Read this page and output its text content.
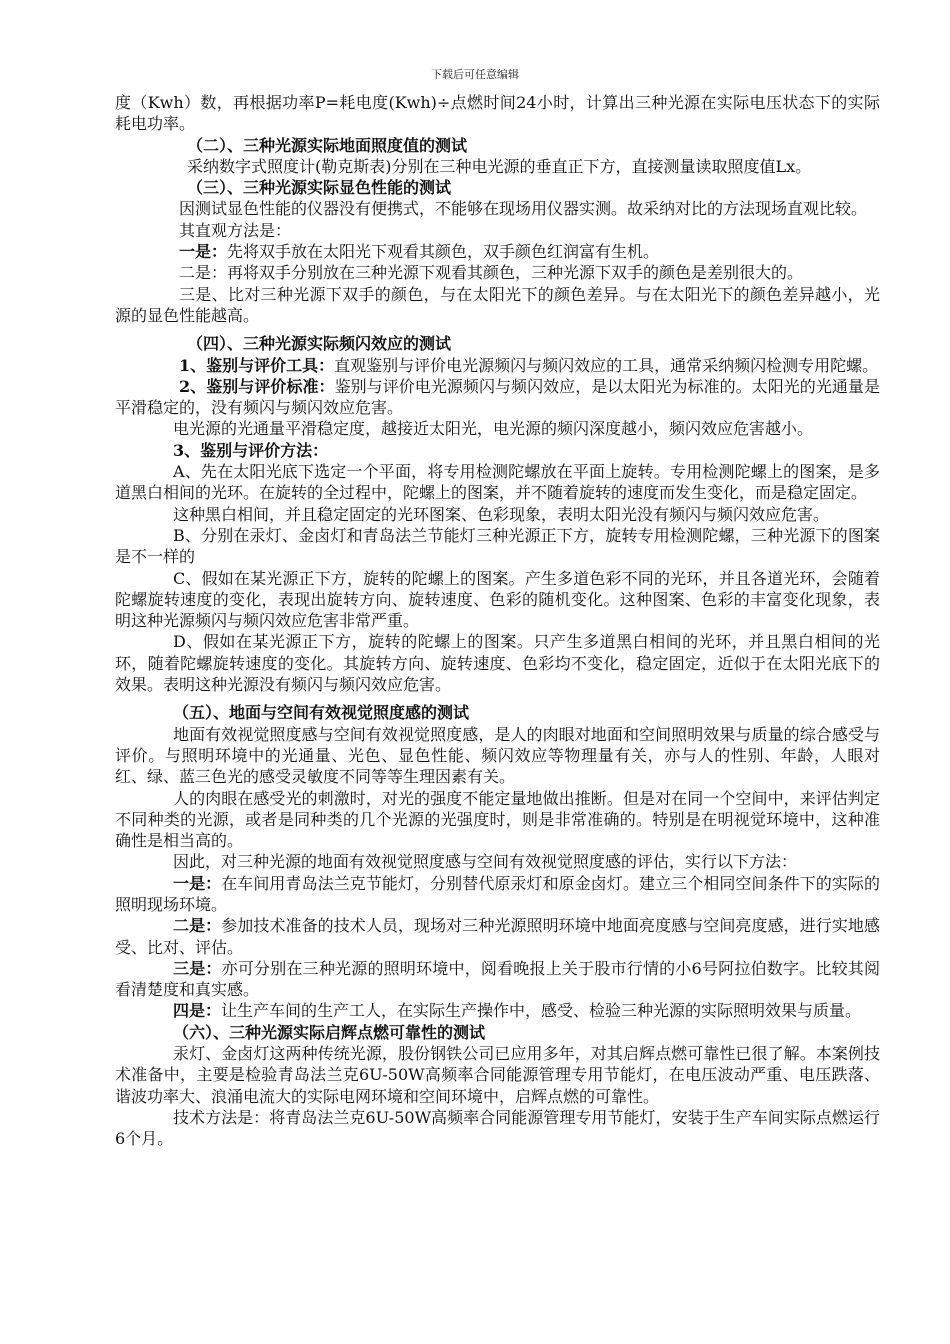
下载后可任意编辑

度（Kwh）数，再根据功率P=耗电度(Kwh)÷点燃时间24小时，计算出三种光源在实际电压状态下的实际耗电功率。

（二）、三种光源实际地面照度值的测试

采纳数字式照度计(勒克斯表)分别在三种电光源的垂直正下方，直接测量读取照度值Lx。

（三）、三种光源实际显色性能的测试

因测试显色性能的仪器没有便携式，不能够在现场用仪器实测。故采纳对比的方法现场直观比较。

其直观方法是：

一是：先将双手放在太阳光下观看其颜色，双手颜色红润富有生机。

二是：再将双手分别放在三种光源下观看其颜色，三种光源下双手的颜色是差别很大的。

三是、比对三种光源下双手的颜色，与在太阳光下的颜色差异。与在太阳光下的颜色差异越小，光源的显色性能越高。

（四）、三种光源实际频闪效应的测试

1、鉴别与评价工具：直观鉴别与评价电光源频闪与频闪效应的工具，通常采纳频闪检测专用陀螺。

2、鉴别与评价标准：鉴别与评价电光源频闪与频闪效应，是以太阳光为标准的。太阳光的光通量是平滑稳定的，没有频闪与频闪效应危害。

电光源的光通量平滑稳定度，越接近太阳光，电光源的频闪深度越小，频闪效应危害越小。

3、鉴别与评价方法：

A、先在太阳光底下选定一个平面，将专用检测陀螺放在平面上旋转。专用检测陀螺上的图案，是多道黑白相间的光环。在旋转的全过程中，陀螺上的图案，并不随着旋转的速度而发生变化，而是稳定固定。

这种黑白相间，并且稳定固定的光环图案、色彩现象，表明太阳光没有频闪与频闪效应危害。

B、分别在汞灯、金卤灯和青岛法兰节能灯三种光源正下方，旋转专用检测陀螺，三种光源下的图案是不一样的

C、假如在某光源正下方，旋转的陀螺上的图案。产生多道色彩不同的光环，并且各道光环，会随着陀螺旋转速度的变化，表现出旋转方向、旋转速度、色彩的随机变化。这种图案、色彩的丰富变化现象，表明这种光源频闪与频闪效应危害非常严重。

D、假如在某光源正下方，旋转的陀螺上的图案。只产生多道黑白相间的光环，并且黑白相间的光环，随着陀螺旋转速度的变化。其旋转方向、旋转速度、色彩均不变化，稳定固定，近似于在太阳光底下的效果。表明这种光源没有频闪与频闪效应危害。

（五）、地面与空间有效视觉照度感的测试

地面有效视觉照度感与空间有效视觉照度感，是人的肉眼对地面和空间照明效果与质量的综合感受与评价。与照明环境中的光通量、光色、显色性能、频闪效应等物理量有关，亦与人的性别、年龄，人眼对红、绿、蓝三色光的感受灵敏度不同等等生理因素有关。

人的肉眼在感受光的刺激时，对光的强度不能定量地做出推断。但是对在同一个空间中，来评估判定不同种类的光源，或者是同种类的几个光源的光强度时，则是非常准确的。特别是在明视觉环境中，这种准确性是相当高的。

因此，对三种光源的地面有效视觉照度感与空间有效视觉照度感的评估，实行以下方法：

一是：在车间用青岛法兰克节能灯，分别替代原汞灯和原金卤灯。建立三个相同空间条件下的实际的照明现场环境。

二是：参加技术准备的技术人员，现场对三种光源照明环境中地面亮度感与空间亮度感，进行实地感受、比对、评估。

三是：亦可分别在三种光源的照明环境中，阅看晚报上关于股市行情的小6号阿拉伯数字。比较其阅看清楚度和真实感。

四是：让生产车间的生产工人，在实际生产操作中，感受、检验三种光源的实际照明效果与质量。

（六）、三种光源实际启辉点燃可靠性的测试

汞灯、金卤灯这两种传统光源，股份钢铁公司已应用多年，对其启辉点燃可靠性已很了解。本案例技术准备中，主要是检验青岛法兰克6U-50W高频率合同能源管理专用节能灯，在电压波动严重、电压跌落、谐波功率大、浪涌电流大的实际电网环境和空间环境中，启辉点燃的可靠性。

技术方法是：将青岛法兰克6U-50W高频率合同能源管理专用节能灯，安装于生产车间实际点燃运行6个月。
